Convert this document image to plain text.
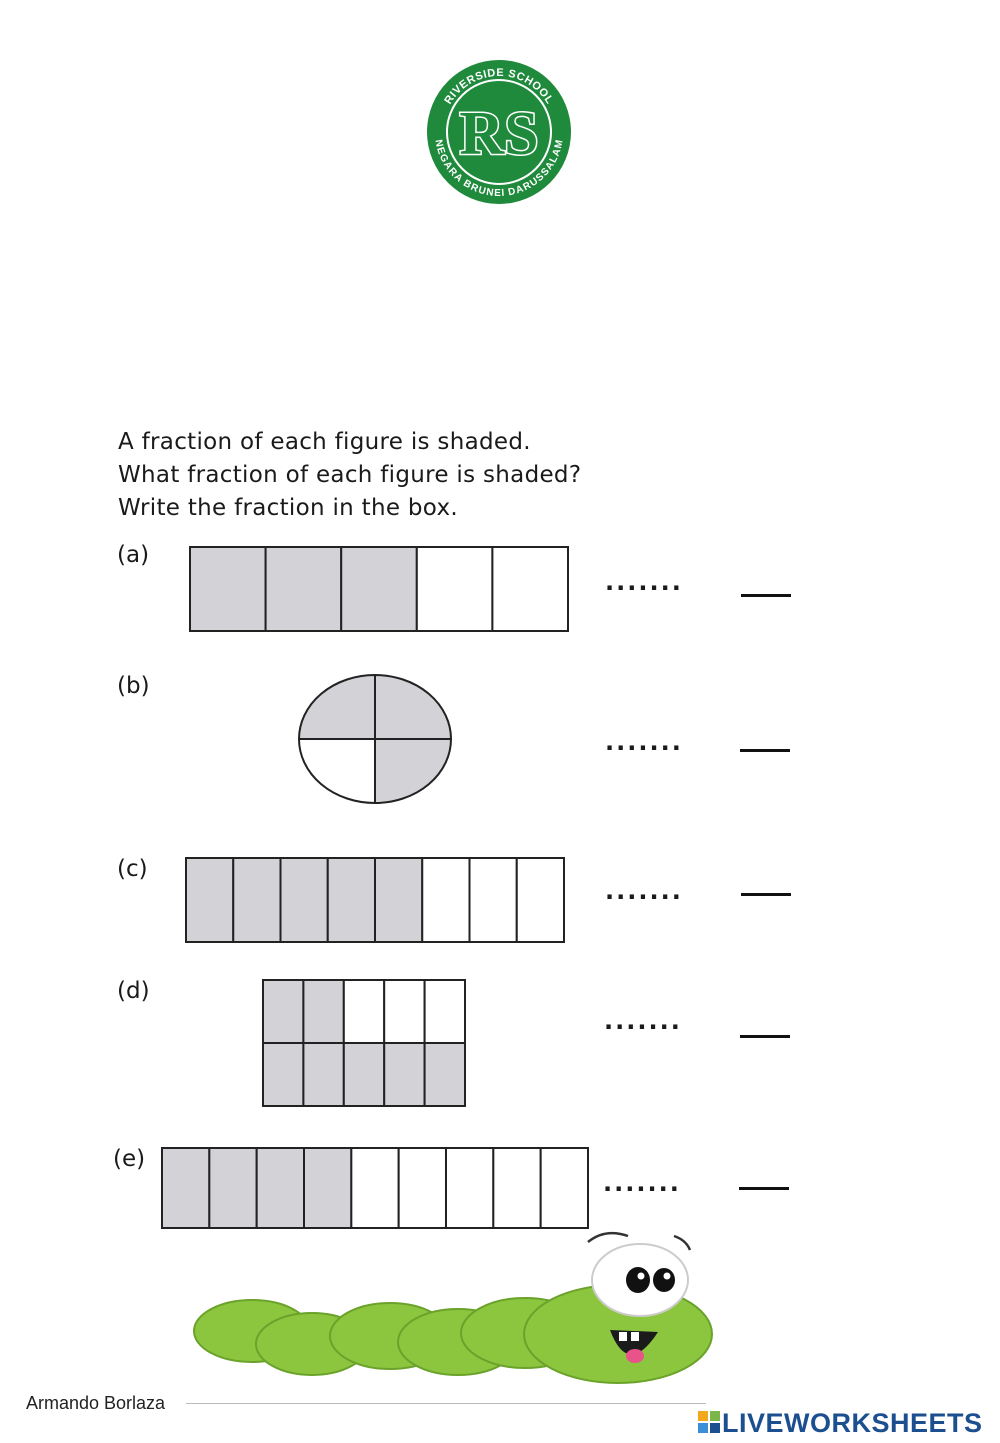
RIVERSIDE SCHOOL
NEGARA BRUNEI DARUSSALAM
RS
A fraction of each figure is shaded.
What fraction of each figure is shaded?
Write the fraction in the box.
(a)
.......
(b)
.......
(c)
.......
(d)
.......
(e)
.......
Armando Borlaza
LIVEWORKSHEETS
